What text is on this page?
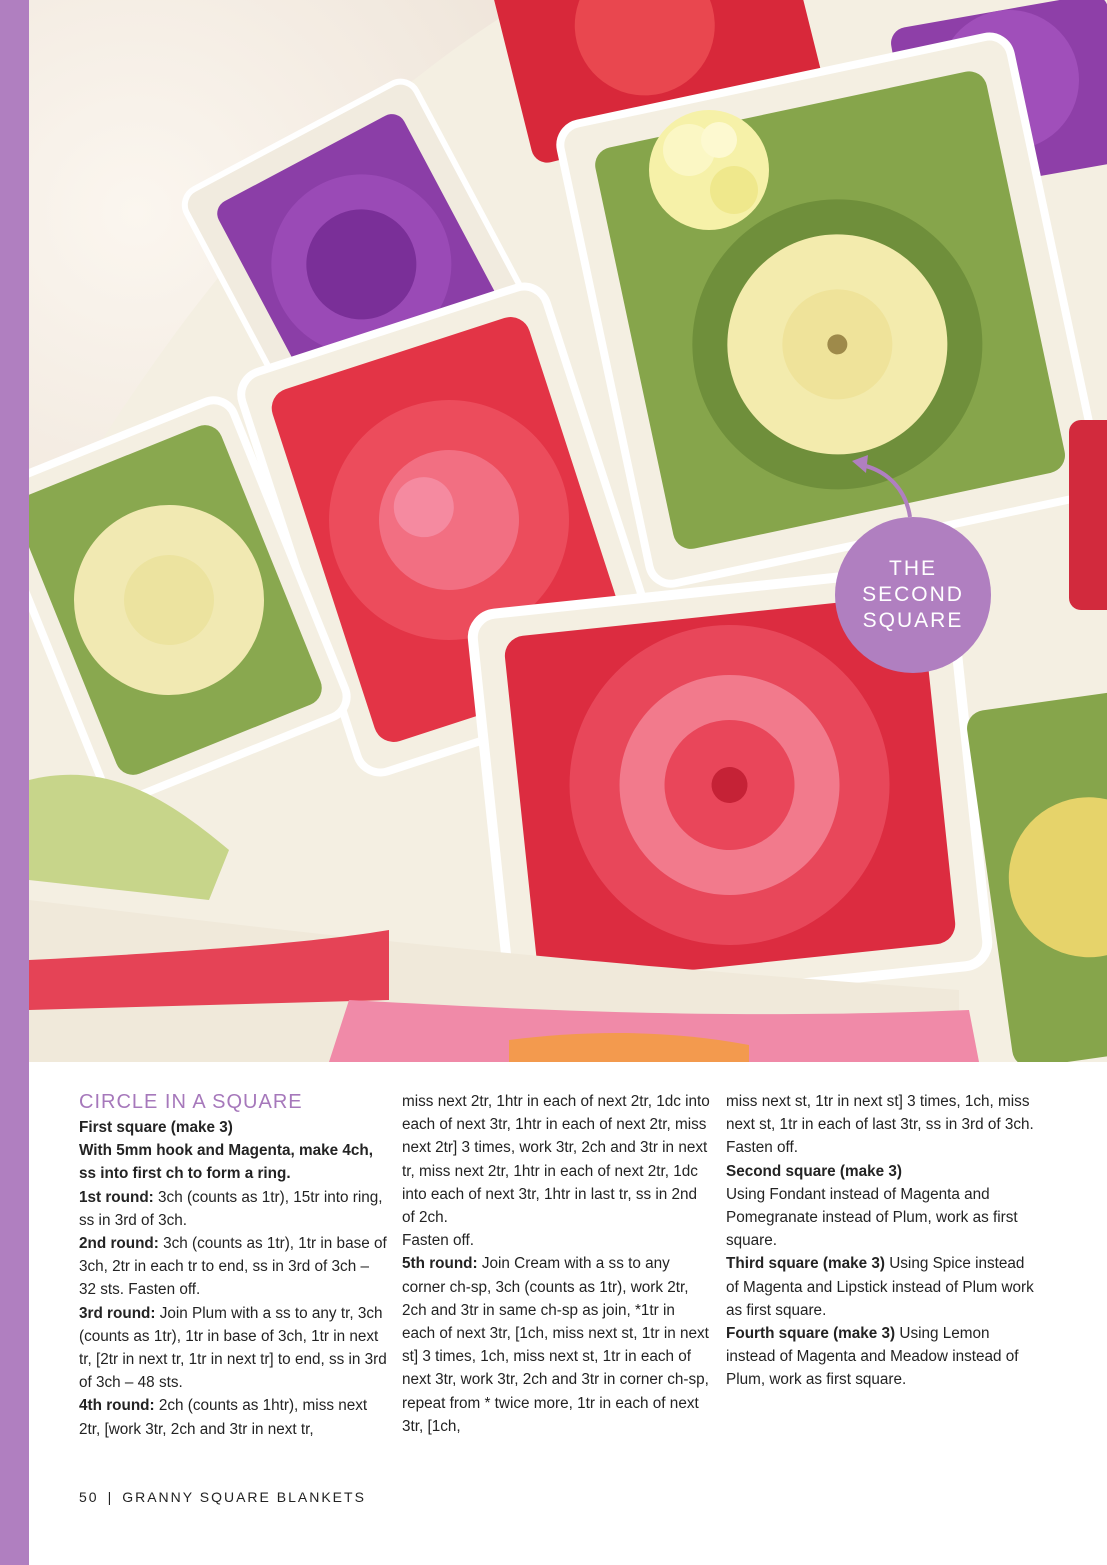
THE
SECOND
SQUARE
CIRCLE IN A SQUARE

First square (make 3)

With 5mm hook and Magenta, make 4ch, ss into first ch to form a ring.

1st round: 3ch (counts as 1tr), 15tr into ring, ss in 3rd of 3ch.

2nd round: 3ch (counts as 1tr), 1tr in base of 3ch, 2tr in each tr to end, ss in 3rd of 3ch – 32 sts. Fasten off.

3rd round: Join Plum with a ss to any tr, 3ch (counts as 1tr), 1tr in base of 3ch, 1tr in next tr, [2tr in next tr, 1tr in next tr] to end, ss in 3rd of 3ch – 48 sts.

4th round: 2ch (counts as 1htr), miss next 2tr, [work 3tr, 2ch and 3tr in next tr,

miss next 2tr, 1htr in each of next 2tr, 1dc into each of next 3tr, 1htr in each of next 2tr, miss next 2tr] 3 times, work 3tr, 2ch and 3tr in next tr, miss next 2tr, 1htr in each of next 2tr, 1dc into each of next 3tr, 1htr in last tr, ss in 2nd of 2ch.

Fasten off.

5th round: Join Cream with a ss to any corner ch-sp, 3ch (counts as 1tr), work 2tr, 2ch and 3tr in same ch-sp as join, *1tr in each of next 3tr, [1ch, miss next st, 1tr in next st] 3 times, 1ch, miss next st, 1tr in each of next 3tr, work 3tr, 2ch and 3tr in corner ch-sp, repeat from * twice more, 1tr in each of next 3tr, [1ch,

miss next st, 1tr in next st] 3 times, 1ch, miss next st, 1tr in each of last 3tr, ss in 3rd of 3ch.

Fasten off.

Second square (make 3)

Using Fondant instead of Magenta and Pomegranate instead of Plum, work as first square.

Third square (make 3) Using Spice instead of Magenta and Lipstick instead of Plum work as first square.

Fourth square (make 3) Using Lemon instead of Magenta and Meadow instead of Plum, work as first square.

50 | GRANNY SQUARE BLANKETS
